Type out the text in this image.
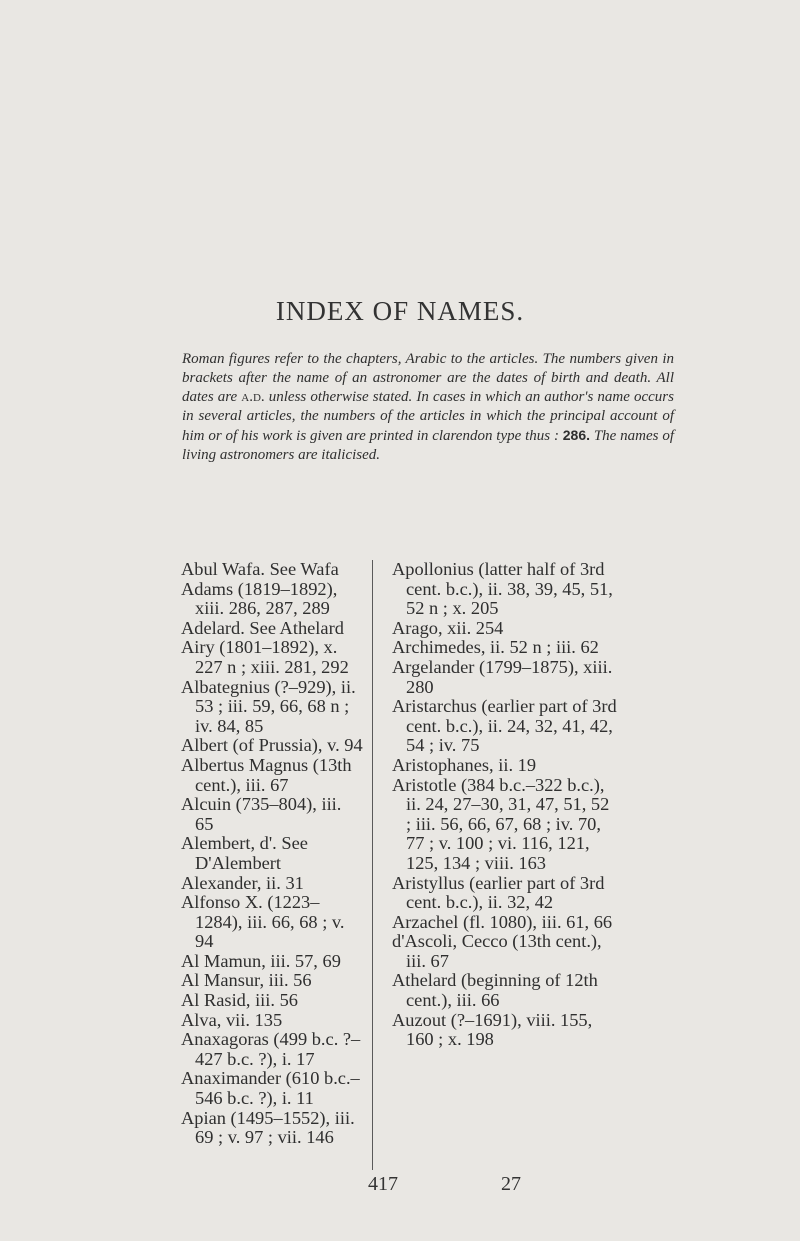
INDEX OF NAMES.
Roman figures refer to the chapters, Arabic to the articles. The numbers given in brackets after the name of an astronomer are the dates of birth and death. All dates are a.d. unless otherwise stated. In cases in which an author's name occurs in several articles, the numbers of the articles in which the principal account of him or of his work is given are printed in clarendon type thus : 286. The names of living astronomers are italicised.
Abul Wafa. See Wafa
Adams (1819–1892), xiii. 286, 287, 289
Adelard. See Athelard
Airy (1801–1892), x. 227 n ; xiii. 281, 292
Albategnius (?–929), ii. 53 ; iii. 59, 66, 68 n ; iv. 84, 85
Albert (of Prussia), v. 94
Albertus Magnus (13th cent.), iii. 67
Alcuin (735–804), iii. 65
Alembert, d'. See D'Alembert
Alexander, ii. 31
Alfonso X. (1223–1284), iii. 66, 68 ; v. 94
Al Mamun, iii. 57, 69
Al Mansur, iii. 56
Al Rasid, iii. 56
Alva, vii. 135
Anaxagoras (499 b.c. ?–427 b.c. ?), i. 17
Anaximander (610 b.c.–546 b.c. ?), i. 11
Apian (1495–1552), iii. 69 ; v. 97 ; vii. 146
Apollonius (latter half of 3rd cent. b.c.), ii. 38, 39, 45, 51, 52 n ; x. 205
Arago, xii. 254
Archimedes, ii. 52 n ; iii. 62
Argelander (1799–1875), xiii. 280
Aristarchus (earlier part of 3rd cent. b.c.), ii. 24, 32, 41, 42, 54 ; iv. 75
Aristophanes, ii. 19
Aristotle (384 b.c.–322 b.c.), ii. 24, 27–30, 31, 47, 51, 52 ; iii. 56, 66, 67, 68 ; iv. 70, 77 ; v. 100 ; vi. 116, 121, 125, 134 ; viii. 163
Aristyllus (earlier part of 3rd cent. b.c.), ii. 32, 42
Arzachel (fl. 1080), iii. 61, 66
d'Ascoli, Cecco (13th cent.), iii. 67
Athelard (beginning of 12th cent.), iii. 66
Auzout (?–1691), viii. 155, 160 ; x. 198
417	27
